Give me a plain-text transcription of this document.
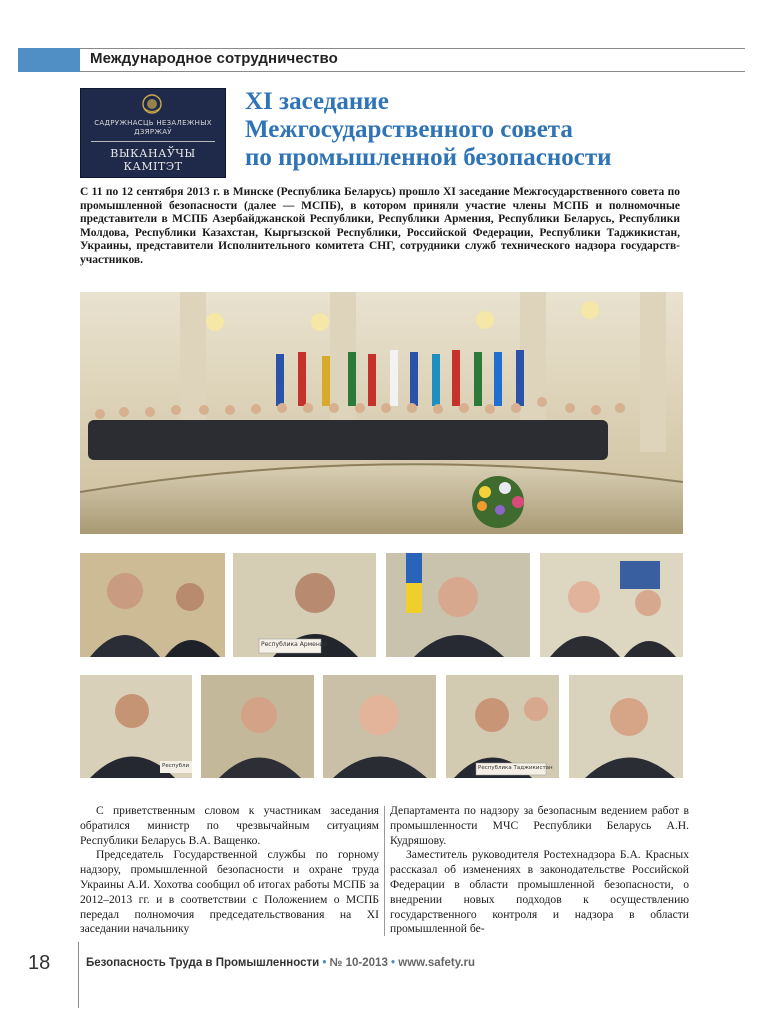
Международное сотрудничество
САДРУЖНАСЦЬ НЕЗАЛЕЖНЫХ
ДЗЯРЖАЎ
ВЫКАНАЎЧЫ КАМІТЭТ
XI заседание
Межгосударственного совета
по промышленной безопасности
С 11 по 12 сентября 2013 г. в Минске (Республика Беларусь) прошло XI заседание Межгосударственного совета по промышленной безопасности (далее — МСПБ), в котором приняли участие члены МСПБ и полномочные представители в МСПБ Азербайджанской Республики, Республики Армения, Республики Беларусь, Республики Молдова, Республики Казахстан, Кыргызской Республики, Российской Федерации, Республики Таджикистан, Украины, представители Исполнительного комитета СНГ, сотрудники служб технического надзора государств-участников.
Республика Армения
Республи	Республика Таджикистан

С приветственным словом к участникам заседания обратился министр по чрезвычайным ситуациям Республики Беларусь В.А. Ващенко.

Председатель Государственной службы по горному надзору, промышленной безопасности и охране труда Украины А.И. Хохотва сообщил об итогах работы МСПБ за 2012–2013 гг. и в соответствии с Положением о МСПБ передал полномочия председательствования на XI заседании начальнику

Департамента по надзору за безопасным ведением работ в промышленности МЧС Республики Беларусь А.Н. Кудряшову.

Заместитель руководителя Ростехнадзора Б.А. Красных рассказал об изменениях в законодательстве Российской Федерации в области промышленной безопасности, о внедрении новых подходов к осуществлению государственного контроля и надзора в области промышленной бе-

18	Безопасность Труда в Промышленности • № 10-2013 • www.safety.ru
